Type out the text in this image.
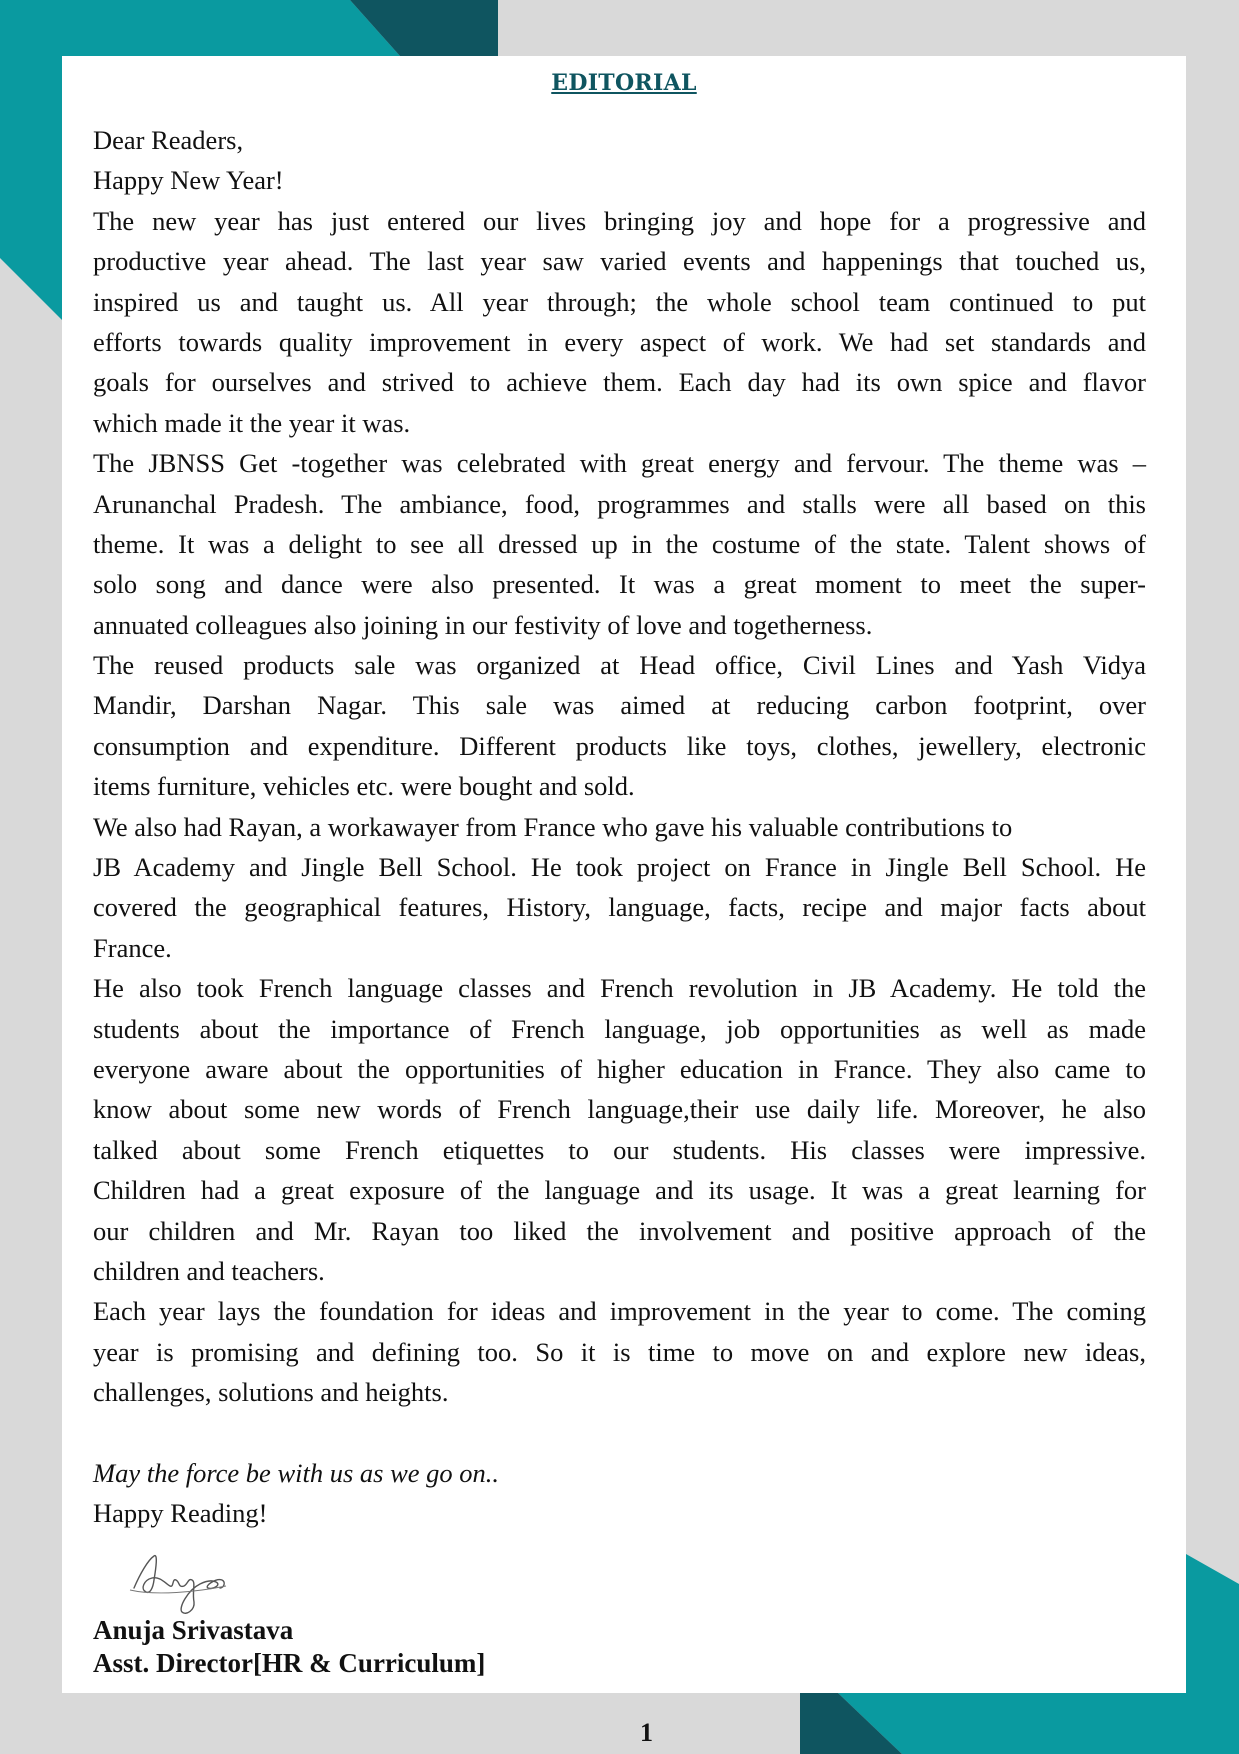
EDITORIAL
Dear Readers,
Happy New Year!
The new year has just entered our lives bringing joy and hope for a progressive and
productive year ahead. The last year saw varied events and happenings that touched us,
inspired us and taught us. All year through; the whole school team continued to put
efforts towards quality improvement in every aspect of work. We had set standards and
goals for ourselves and strived to achieve them. Each day had its own spice and flavor
which made it the year it was.
The JBNSS Get -together was celebrated with great energy and fervour. The theme was –
Arunanchal Pradesh. The ambiance, food, programmes and stalls were all based on this
theme. It was a delight to see all dressed up in the costume of the state. Talent shows of
solo song and dance were also presented. It was a great moment to meet the super-
annuated colleagues also joining in our festivity of love and togetherness.
The reused products sale was organized at Head office, Civil Lines and Yash Vidya
Mandir, Darshan Nagar. This sale was aimed at reducing carbon footprint, over
consumption and expenditure. Different products like toys, clothes, jewellery, electronic
items furniture, vehicles etc. were bought and sold.
We also had Rayan, a workawayer from France who gave his valuable contributions to
JB Academy and Jingle Bell School. He took project on France in Jingle Bell School. He
covered the geographical features, History, language, facts, recipe and major facts about
France.
He also took French language classes and French revolution in JB Academy. He told the
students about the importance of French language, job opportunities as well as made
everyone aware about the opportunities of higher education in France. They also came to
know about some new words of French language,their use daily life. Moreover, he also
talked about some French etiquettes to our students. His classes were impressive.
Children had a great exposure of the language and its usage. It was a great learning for
our children and Mr. Rayan too liked the involvement and positive approach of the
children and teachers.
Each year lays the foundation for ideas and improvement in the year to come. The coming
year is promising and defining too. So it is time to move on and explore new ideas,
challenges, solutions and heights.
May the force be with us as we go on..
Happy Reading!
Anuja Srivastava
Asst. Director[HR & Curriculum]
1
